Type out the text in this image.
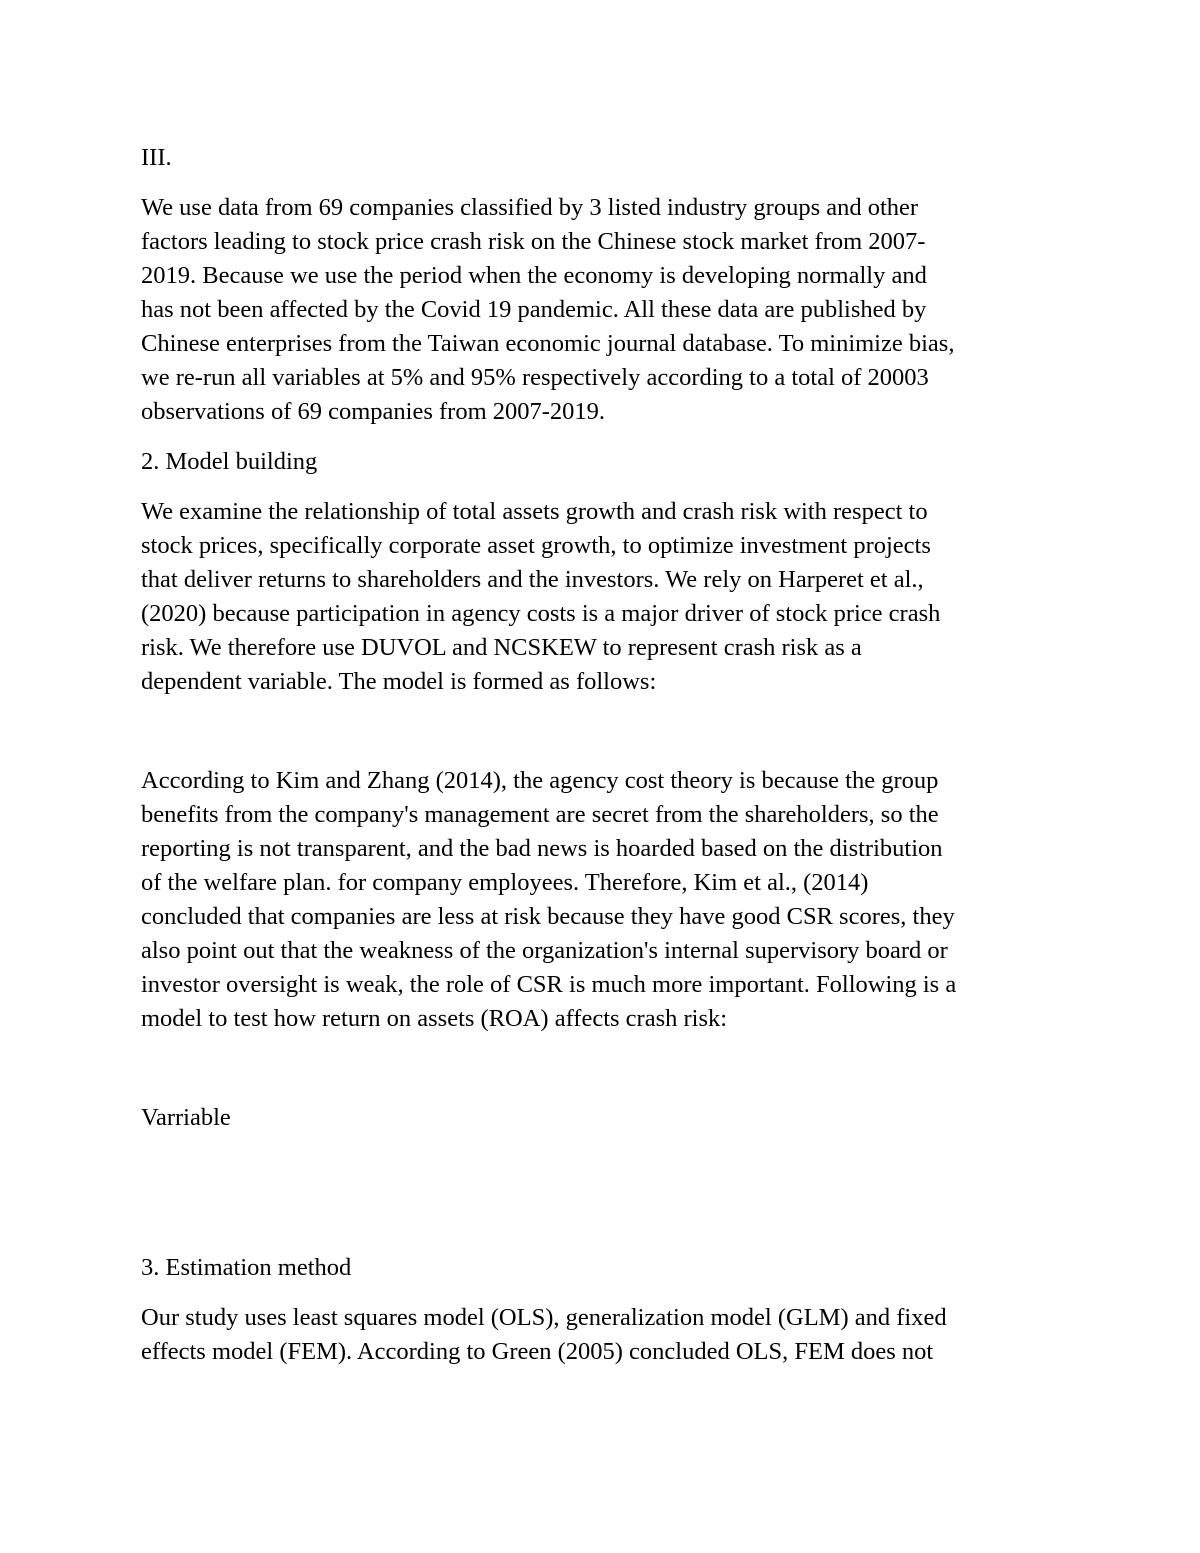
III.

We use data from 69 companies classified by 3 listed industry groups and other

factors leading to stock price crash risk on the Chinese stock market from 2007-

2019. Because we use the period when the economy is developing normally and

has not been affected by the Covid 19 pandemic. All these data are published by

Chinese enterprises from the Taiwan economic journal database. To minimize bias,

we re-run all variables at 5% and 95% respectively according to a total of 20003

observations of 69 companies from 2007-2019.

2. Model building

We examine the relationship of total assets growth and crash risk with respect to

stock prices, specifically corporate asset growth, to optimize investment projects

that deliver returns to shareholders and the investors. We rely on Harperet et al.,

(2020) because participation in agency costs is a major driver of stock price crash

risk. We therefore use DUVOL and NCSKEW to represent crash risk as a

dependent variable. The model is formed as follows:

According to Kim and Zhang (2014), the agency cost theory is because the group

benefits from the company's management are secret from the shareholders, so the

reporting is not transparent, and the bad news is hoarded based on the distribution

of the welfare plan. for company employees. Therefore, Kim et al., (2014)

concluded that companies are less at risk because they have good CSR scores, they

also point out that the weakness of the organization's internal supervisory board or

investor oversight is weak, the role of CSR is much more important. Following is a

model to test how return on assets (ROA) affects crash risk:

Varriable

3. Estimation method

Our study uses least squares model (OLS), generalization model (GLM) and fixed

effects model (FEM). According to Green (2005) concluded OLS, FEM does not
